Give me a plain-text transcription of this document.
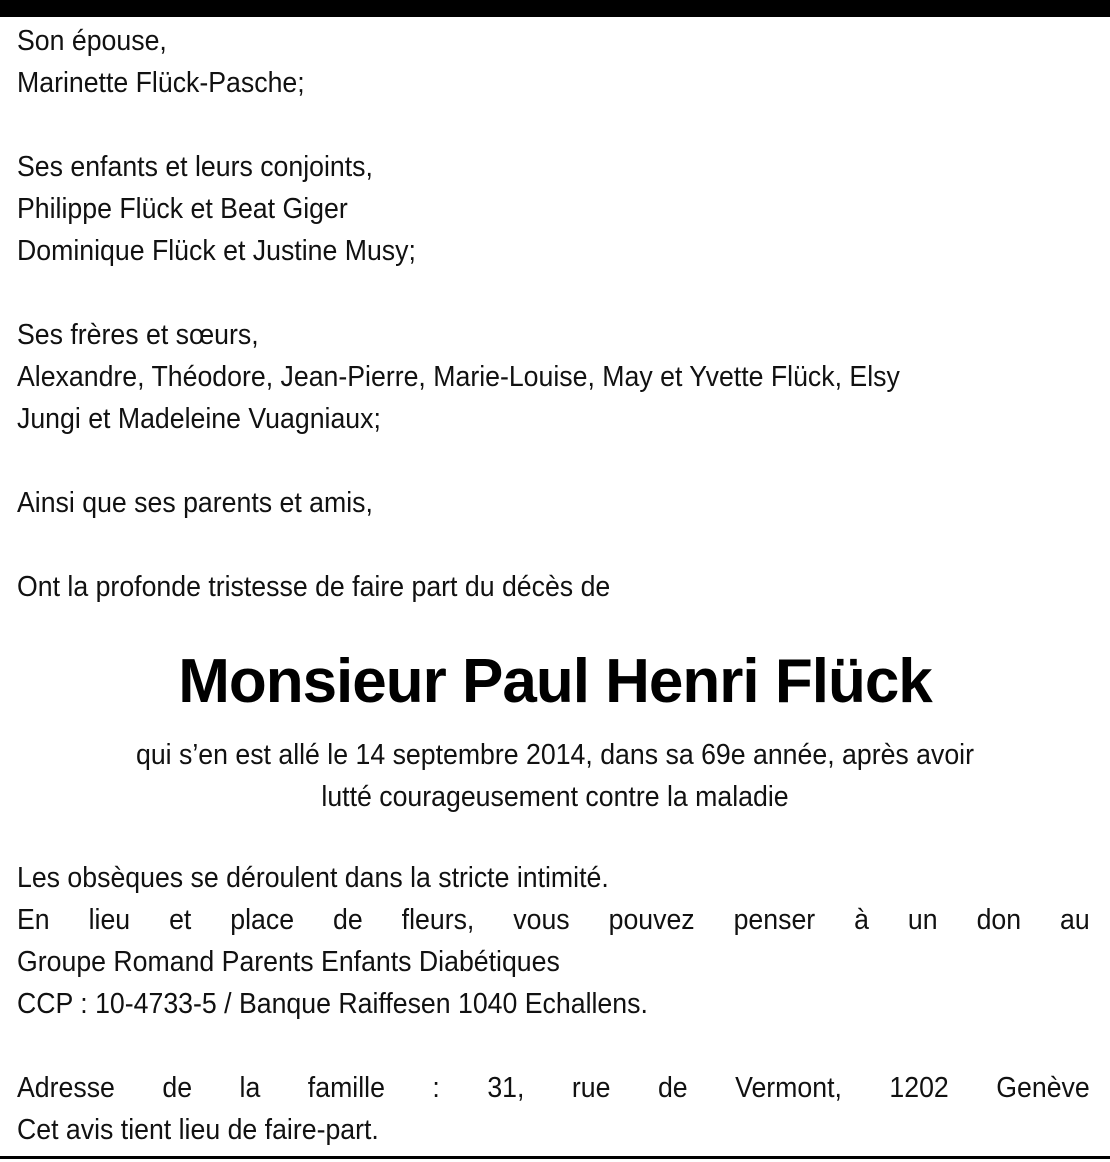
Son épouse,

Marinette Flück-Pasche;

Ses enfants et leurs conjoints,

Philippe Flück et Beat Giger

Dominique Flück et Justine Musy;

Ses frères et sœurs,

Alexandre, Théodore, Jean-Pierre, Marie-Louise, May et Yvette Flück, Elsy

Jungi et Madeleine Vuagniaux;

Ainsi que ses parents et amis,

Ont la profonde tristesse de faire part du décès de

Monsieur Paul Henri Flück

qui s’en est allé le 14 septembre 2014, dans sa 69e année, après avoir

lutté courageusement contre la maladie

Les obsèques se déroulent dans la stricte intimité.

En lieu et place de fleurs, vous pouvez penser à un don au

Groupe Romand Parents Enfants Diabétiques

CCP : 10-4733-5 / Banque Raiffesen 1040 Echallens.

Adresse de la famille : 31, rue de Vermont, 1202 Genève

Cet avis tient lieu de faire-part.
